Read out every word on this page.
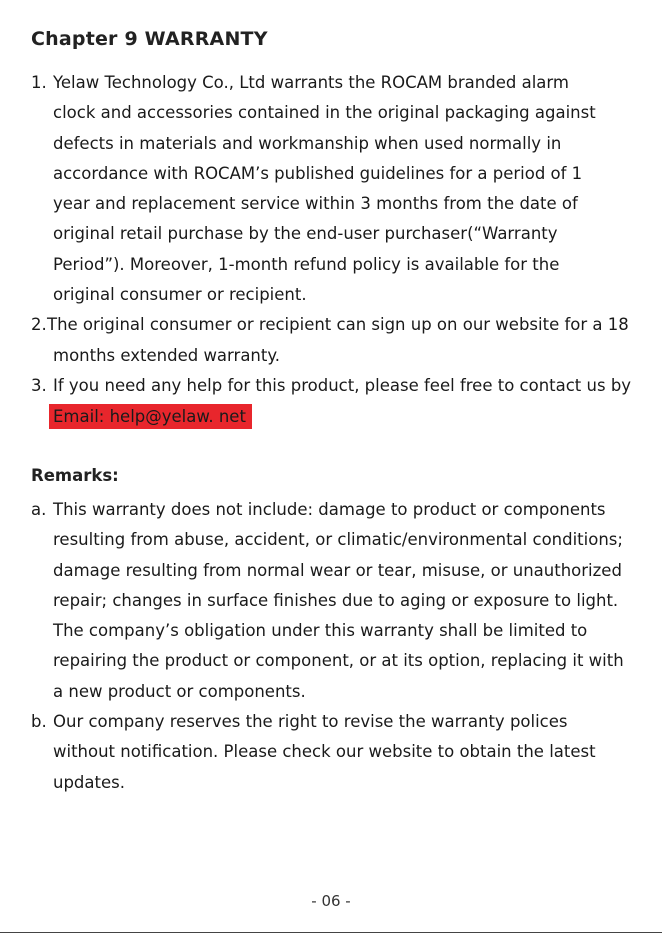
Chapter 9 WARRANTY
1. Yelaw Technology Co., Ltd warrants the ROCAM branded alarm
clock and accessories contained in the original packaging against
defects in materials and workmanship when used normally in
accordance with ROCAM’s published guidelines for a period of 1
year and replacement service within 3 months from the date of
original retail purchase by the end-user purchaser(“Warranty
Period”). Moreover, 1-month refund policy is available for the
original consumer or recipient.
2. The original consumer or recipient can sign up on our website for a 18
months extended warranty.
3. If you need any help for this product, please feel free to contact us by
Email: help@yelaw. net
Remarks:
a. This warranty does not include: damage to product or components
resulting from abuse, accident, or climatic/environmental conditions;
damage resulting from normal wear or tear, misuse, or unauthorized
repair; changes in surface finishes due to aging or exposure to light.
The company’s obligation under this warranty shall be limited to
repairing the product or component, or at its option, replacing it with
a new product or components.
b. Our company reserves the right to revise the warranty polices
without notification. Please check our website to obtain the latest
updates.
- 06 -
